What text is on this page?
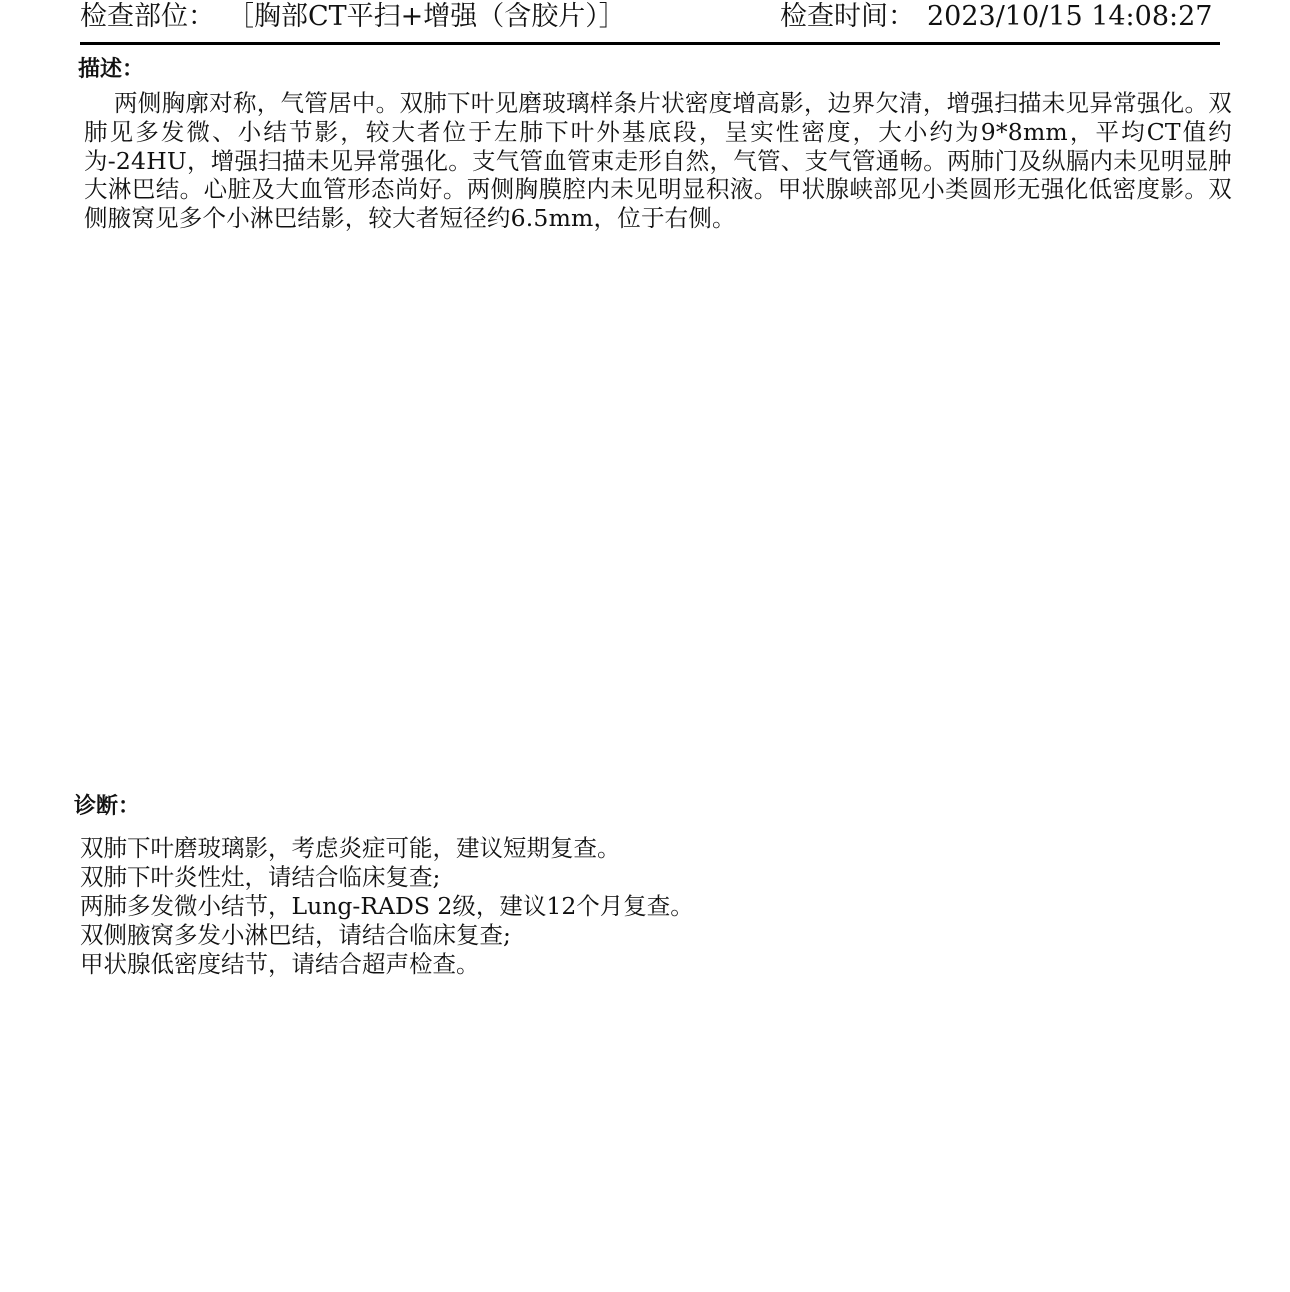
检查部位： ［胸部CT平扫+增强（含胶片）］	检查时间： 2023/10/15 14:08:27
描述：

两侧胸廓对称，气管居中。双肺下叶见磨玻璃样条片状密度增高影，边界欠清，增强扫描未见异常强化。双肺见多发微、小结节影，较大者位于左肺下叶外基底段，呈实性密度，大小约为9*8mm，平均CT值约为-24HU，增强扫描未见异常强化。支气管血管束走形自然，气管、支气管通畅。两肺门及纵膈内未见明显肿大淋巴结。心脏及大血管形态尚好。两侧胸膜腔内未见明显积液。甲状腺峡部见小类圆形无强化低密度影。双侧腋窝见多个小淋巴结影，较大者短径约6.5mm，位于右侧。

诊断：
双肺下叶磨玻璃影，考虑炎症可能，建议短期复查。
双肺下叶炎性灶，请结合临床复查;
两肺多发微小结节，Lung-RADS 2级，建议12个月复查。
双侧腋窝多发小淋巴结，请结合临床复查;
甲状腺低密度结节，请结合超声检查。
